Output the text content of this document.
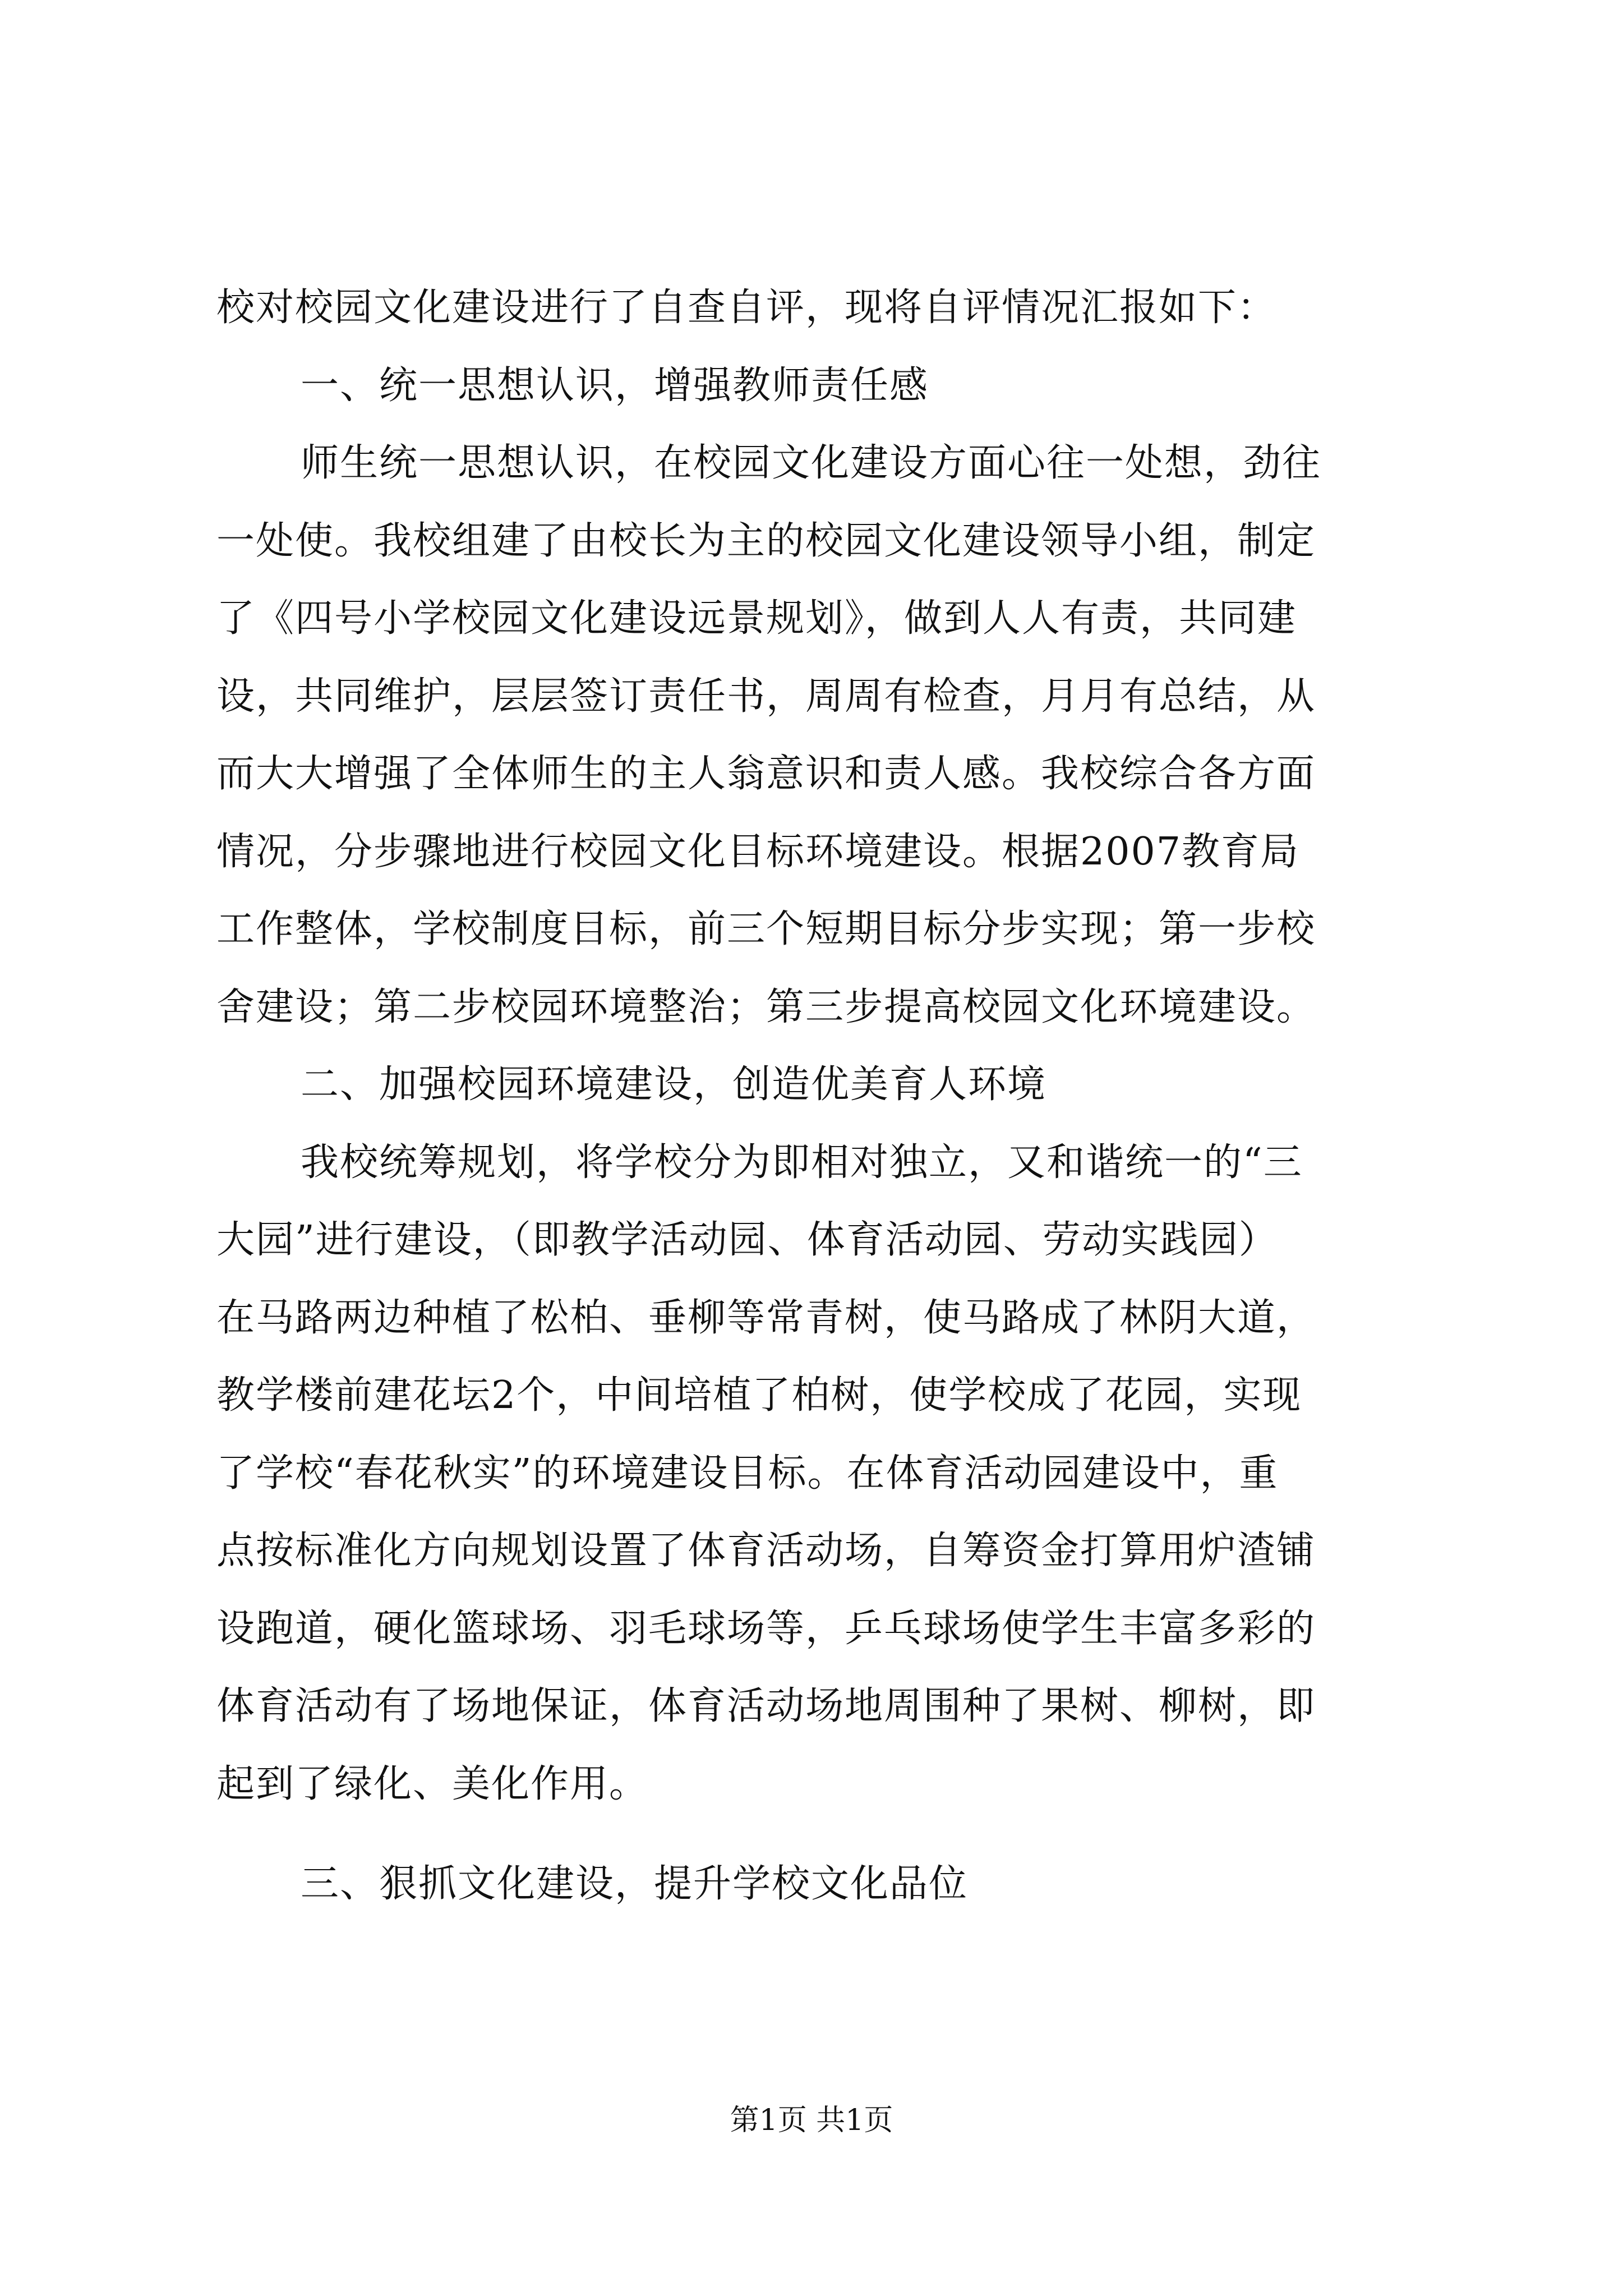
校对校园文化建设进行了自查自评，现将自评情况汇报如下：
一、统一思想认识，增强教师责任感
师生统一思想认识，在校园文化建设方面心往一处想，劲往
一处使。我校组建了由校长为主的校园文化建设领导小组，制定
了《四号小学校园文化建设远景规划》，做到人人有责，共同建
设，共同维护，层层签订责任书，周周有检查，月月有总结，从
而大大增强了全体师生的主人翁意识和责人感。我校综合各方面
情况，分步骤地进行校园文化目标环境建设。根据2007教育局
工作整体，学校制度目标，前三个短期目标分步实现；第一步校
舍建设；第二步校园环境整治；第三步提高校园文化环境建设。
二、加强校园环境建设，创造优美育人环境
我校统筹规划，将学校分为即相对独立，又和谐统一的“三
大园”进行建设，（即教学活动园、体育活动园、劳动实践园）
在马路两边种植了松柏、垂柳等常青树，使马路成了林阴大道，
教学楼前建花坛2个，中间培植了柏树，使学校成了花园，实现
了学校“春花秋实”的环境建设目标。在体育活动园建设中，重
点按标准化方向规划设置了体育活动场，自筹资金打算用炉渣铺
设跑道，硬化篮球场、羽毛球场等，乒乓球场使学生丰富多彩的
体育活动有了场地保证，体育活动场地周围种了果树、柳树，即
起到了绿化、美化作用。
三、狠抓文化建设，提升学校文化品位
第1页 共1页
